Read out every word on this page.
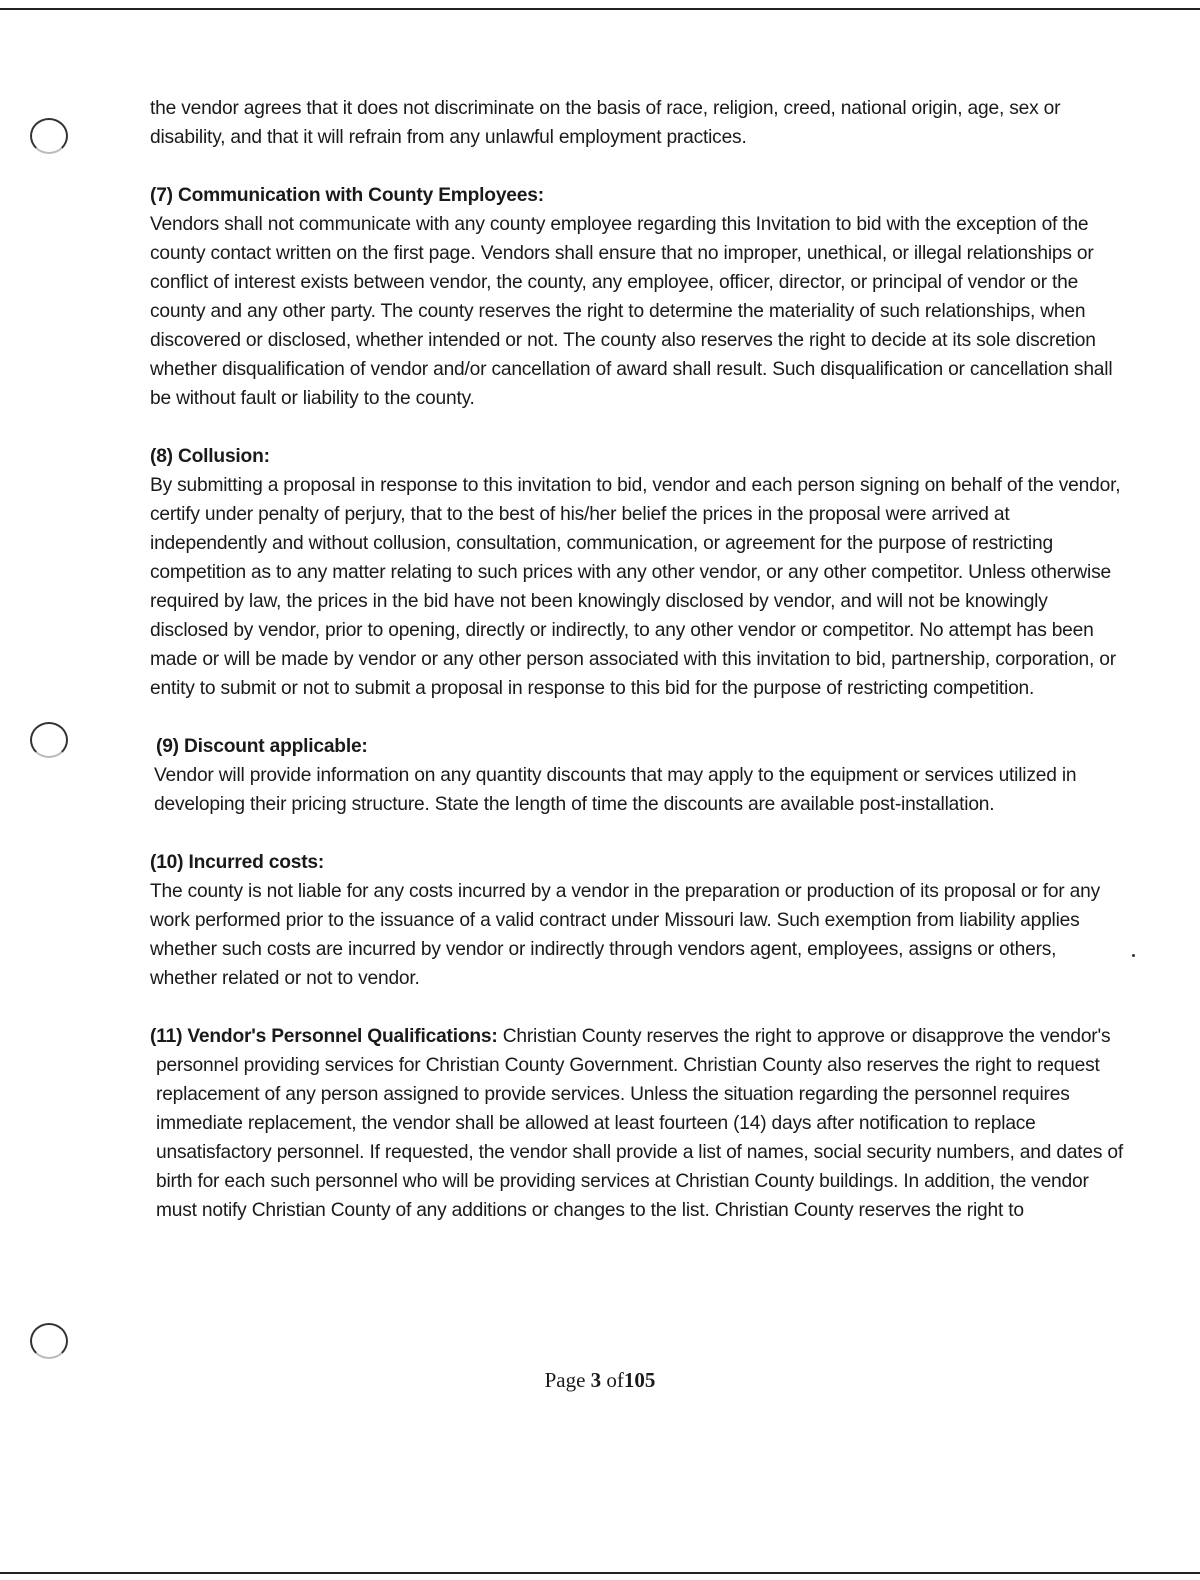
the vendor agrees that it does not discriminate on the basis of race, religion, creed, national origin, age, sex or disability, and that it will refrain from any unlawful employment practices.

(7) Communication with County Employees:

Vendors shall not communicate with any county employee regarding this Invitation to bid with the exception of the county contact written on the first page. Vendors shall ensure that no improper, unethical, or illegal relationships or conflict of interest exists between vendor, the county, any employee, officer, director, or principal of vendor or the county and any other party. The county reserves the right to determine the materiality of such relationships, when discovered or disclosed, whether intended or not. The county also reserves the right to decide at its sole discretion whether disqualification of vendor and/or cancellation of award shall result. Such disqualification or cancellation shall be without fault or liability to the county.

(8) Collusion:

By submitting a proposal in response to this invitation to bid, vendor and each person signing on behalf of the vendor, certify under penalty of perjury, that to the best of his/her belief the prices in the proposal were arrived at independently and without collusion, consultation, communication, or agreement for the purpose of restricting competition as to any matter relating to such prices with any other vendor, or any other competitor. Unless otherwise required by law, the prices in the bid have not been knowingly disclosed by vendor, and will not be knowingly disclosed by vendor, prior to opening, directly or indirectly, to any other vendor or competitor. No attempt has been made or will be made by vendor or any other person associated with this invitation to bid, partnership, corporation, or entity to submit or not to submit a proposal in response to this bid for the purpose of restricting competition.

(9) Discount applicable:

Vendor will provide information on any quantity discounts that may apply to the equipment or services utilized in developing their pricing structure. State the length of time the discounts are available post-installation.

(10) Incurred costs:

The county is not liable for any costs incurred by a vendor in the preparation or production of its proposal or for any work performed prior to the issuance of a valid contract under Missouri law. Such exemption from liability applies whether such costs are incurred by vendor or indirectly through vendors agent, employees, assigns or others, whether related or not to vendor.

(11) Vendor's Personnel Qualifications: Christian County reserves the right to approve or disapprove the vendor's personnel providing services for Christian County Government. Christian County also reserves the right to request replacement of any person assigned to provide services. Unless the situation regarding the personnel requires immediate replacement, the vendor shall be allowed at least fourteen (14) days after notification to replace unsatisfactory personnel. If requested, the vendor shall provide a list of names, social security numbers, and dates of birth for each such personnel who will be providing services at Christian County buildings. In addition, the vendor must notify Christian County of any additions or changes to the list. Christian County reserves the right to

Page 3 of105
